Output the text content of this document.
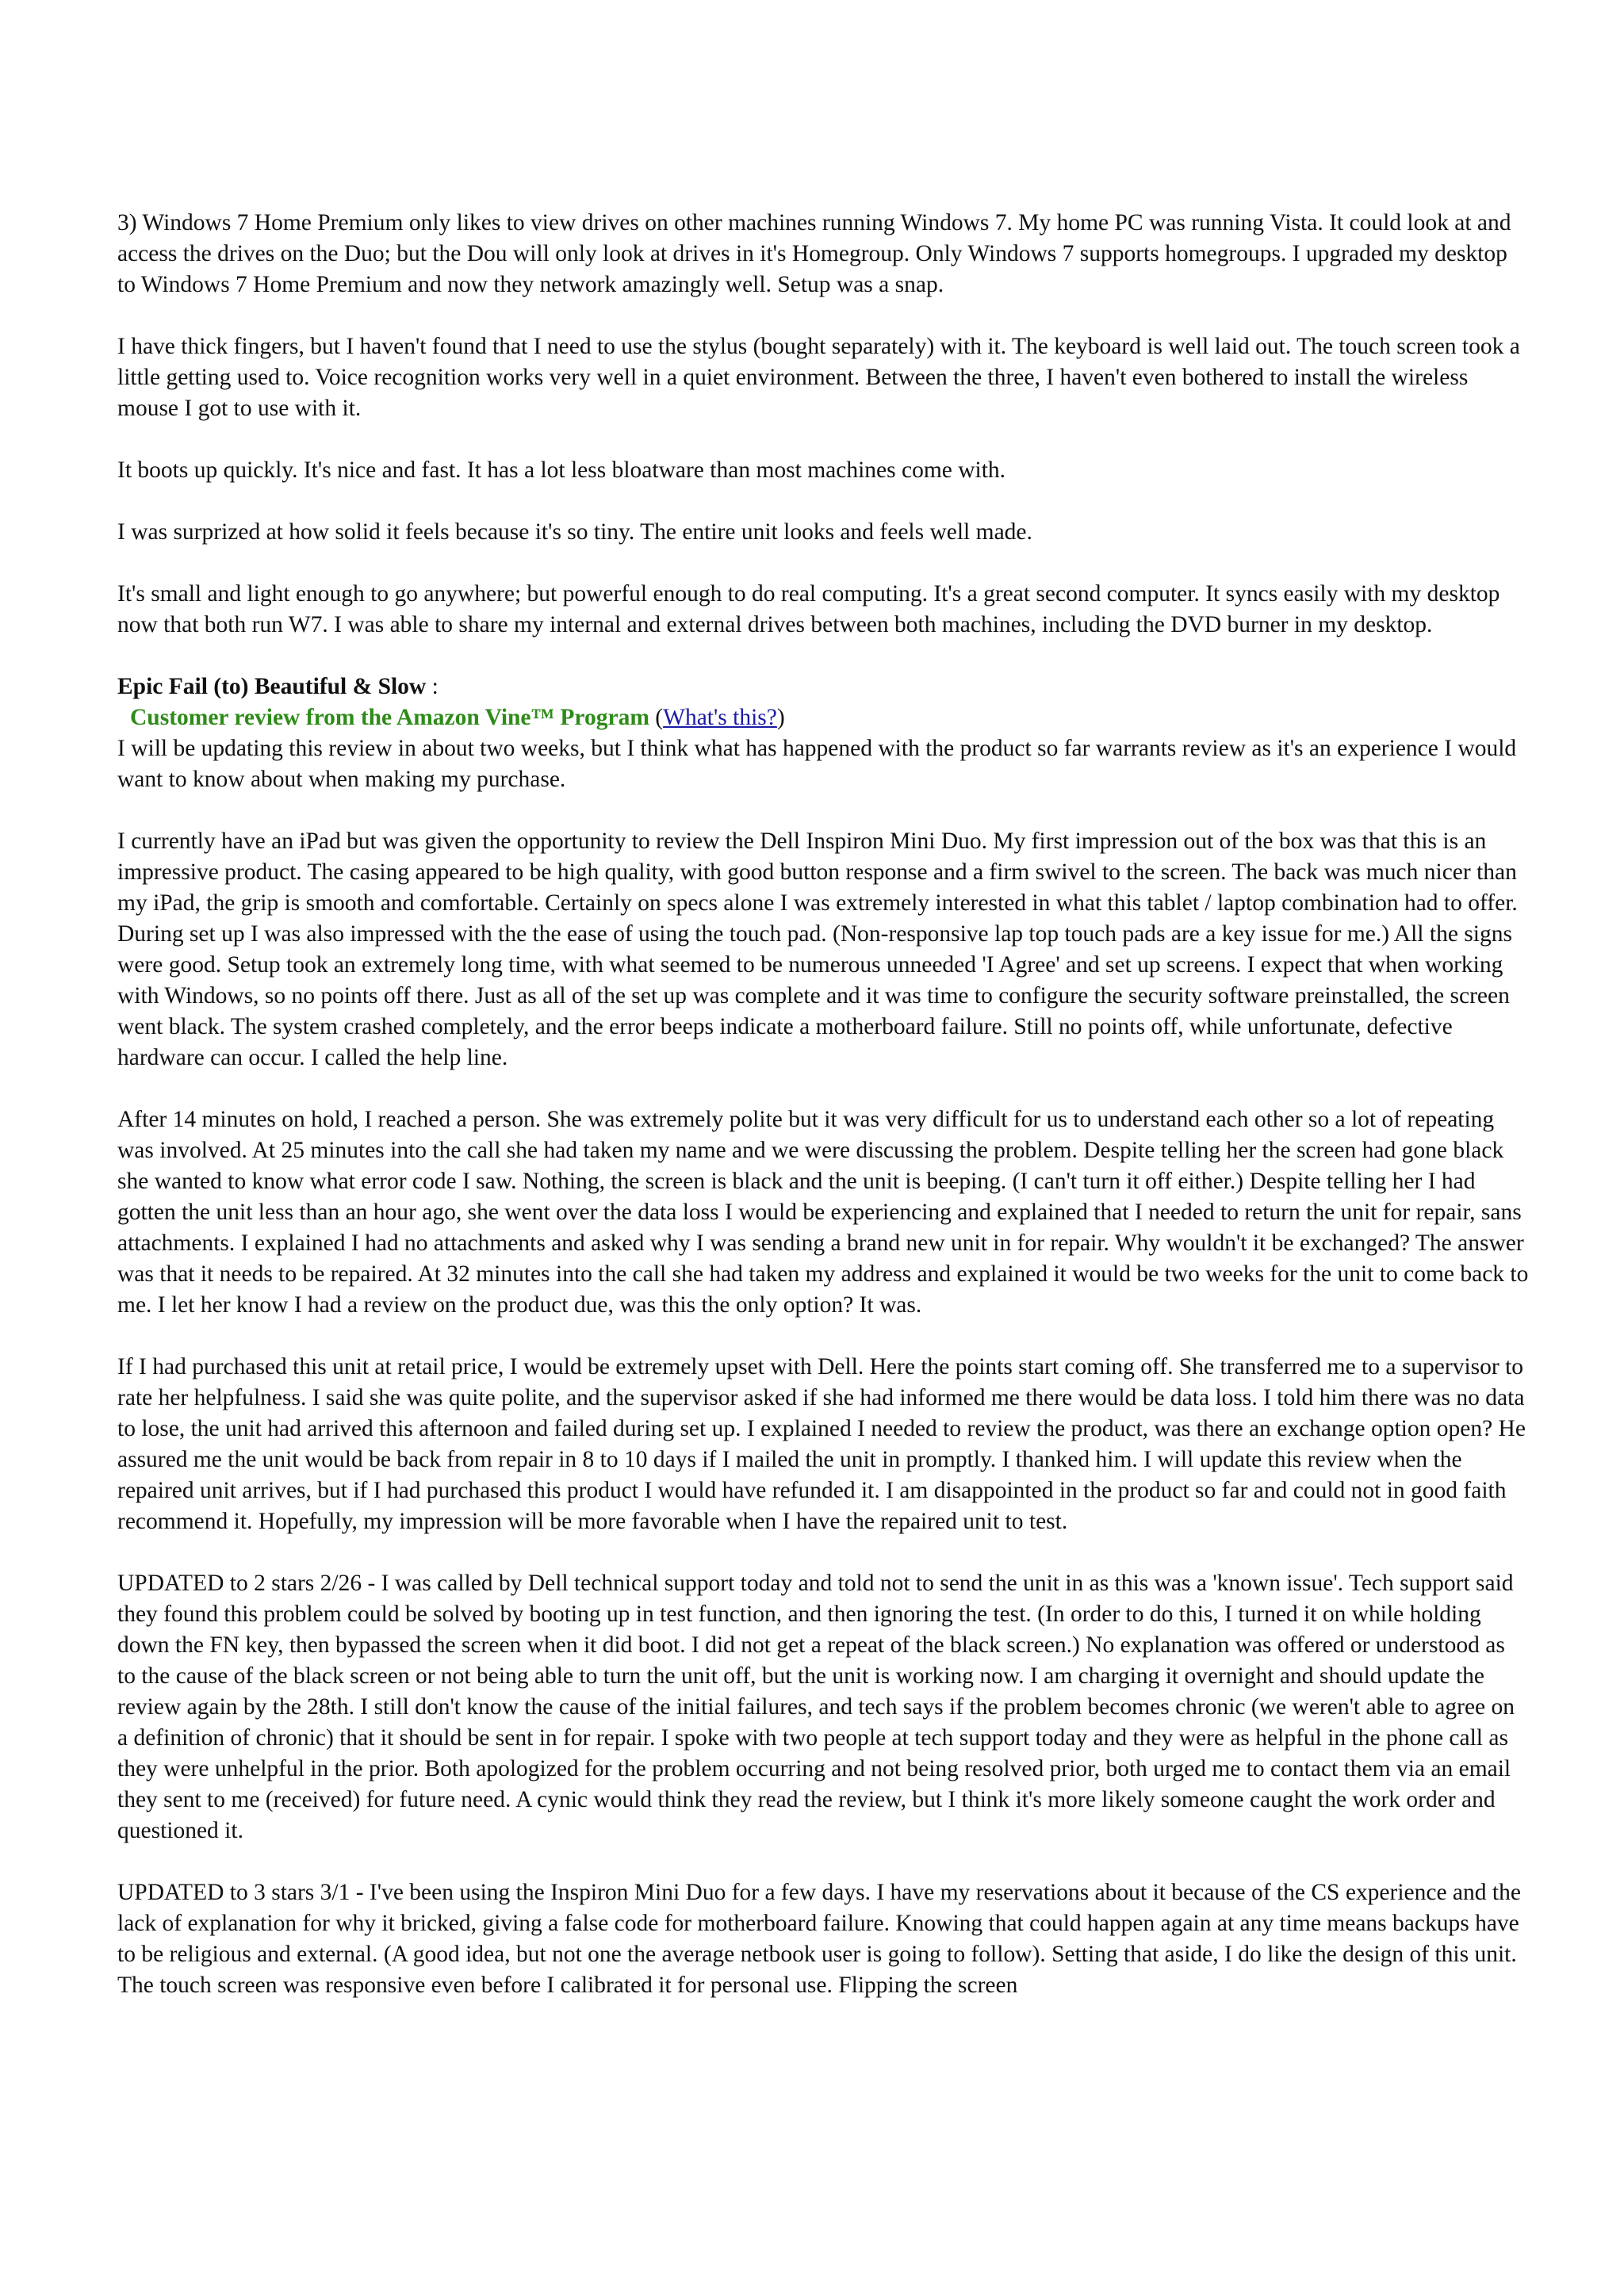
3) Windows 7 Home Premium only likes to view drives on other machines running Windows 7. My home PC was running Vista. It could look at and access the drives on the Duo; but the Dou will only look at drives in it's Homegroup. Only Windows 7 supports homegroups. I upgraded my desktop to Windows 7 Home Premium and now they network amazingly well. Setup was a snap.

I have thick fingers, but I haven't found that I need to use the stylus (bought separately) with it. The keyboard is well laid out. The touch screen took a little getting used to. Voice recognition works very well in a quiet environment. Between the three, I haven't even bothered to install the wireless mouse I got to use with it.

It boots up quickly. It's nice and fast. It has a lot less bloatware than most machines come with.

I was surprized at how solid it feels because it's so tiny. The entire unit looks and feels well made.

It's small and light enough to go anywhere; but powerful enough to do real computing. It's a great second computer. It syncs easily with my desktop now that both run W7. I was able to share my internal and external drives between both machines, including the DVD burner in my desktop.

Epic Fail (to) Beautiful & Slow :

Customer review from the Amazon Vine™ Program (What's this?)

I will be updating this review in about two weeks, but I think what has happened with the product so far warrants review as it's an experience I would want to know about when making my purchase.

I currently have an iPad but was given the opportunity to review the Dell Inspiron Mini Duo. My first impression out of the box was that this is an impressive product. The casing appeared to be high quality, with good button response and a firm swivel to the screen. The back was much nicer than my iPad, the grip is smooth and comfortable. Certainly on specs alone I was extremely interested in what this tablet / laptop combination had to offer. During set up I was also impressed with the the ease of using the touch pad. (Non-responsive lap top touch pads are a key issue for me.) All the signs were good. Setup took an extremely long time, with what seemed to be numerous unneeded 'I Agree' and set up screens. I expect that when working with Windows, so no points off there. Just as all of the set up was complete and it was time to configure the security software preinstalled, the screen went black. The system crashed completely, and the error beeps indicate a motherboard failure. Still no points off, while unfortunate, defective hardware can occur. I called the help line.

After 14 minutes on hold, I reached a person. She was extremely polite but it was very difficult for us to understand each other so a lot of repeating was involved. At 25 minutes into the call she had taken my name and we were discussing the problem. Despite telling her the screen had gone black she wanted to know what error code I saw. Nothing, the screen is black and the unit is beeping. (I can't turn it off either.) Despite telling her I had gotten the unit less than an hour ago, she went over the data loss I would be experiencing and explained that I needed to return the unit for repair, sans attachments. I explained I had no attachments and asked why I was sending a brand new unit in for repair. Why wouldn't it be exchanged? The answer was that it needs to be repaired. At 32 minutes into the call she had taken my address and explained it would be two weeks for the unit to come back to me. I let her know I had a review on the product due, was this the only option? It was.

If I had purchased this unit at retail price, I would be extremely upset with Dell. Here the points start coming off. She transferred me to a supervisor to rate her helpfulness. I said she was quite polite, and the supervisor asked if she had informed me there would be data loss. I told him there was no data to lose, the unit had arrived this afternoon and failed during set up. I explained I needed to review the product, was there an exchange option open? He assured me the unit would be back from repair in 8 to 10 days if I mailed the unit in promptly. I thanked him. I will update this review when the repaired unit arrives, but if I had purchased this product I would have refunded it. I am disappointed in the product so far and could not in good faith recommend it. Hopefully, my impression will be more favorable when I have the repaired unit to test.

UPDATED to 2 stars 2/26 - I was called by Dell technical support today and told not to send the unit in as this was a 'known issue'. Tech support said they found this problem could be solved by booting up in test function, and then ignoring the test. (In order to do this, I turned it on while holding down the FN key, then bypassed the screen when it did boot. I did not get a repeat of the black screen.) No explanation was offered or understood as to the cause of the black screen or not being able to turn the unit off, but the unit is working now. I am charging it overnight and should update the review again by the 28th. I still don't know the cause of the initial failures, and tech says if the problem becomes chronic (we weren't able to agree on a definition of chronic) that it should be sent in for repair. I spoke with two people at tech support today and they were as helpful in the phone call as they were unhelpful in the prior. Both apologized for the problem occurring and not being resolved prior, both urged me to contact them via an email they sent to me (received) for future need. A cynic would think they read the review, but I think it's more likely someone caught the work order and questioned it.

UPDATED to 3 stars 3/1 - I've been using the Inspiron Mini Duo for a few days. I have my reservations about it because of the CS experience and the lack of explanation for why it bricked, giving a false code for motherboard failure. Knowing that could happen again at any time means backups have to be religious and external. (A good idea, but not one the average netbook user is going to follow). Setting that aside, I do like the design of this unit. The touch screen was responsive even before I calibrated it for personal use. Flipping the screen
